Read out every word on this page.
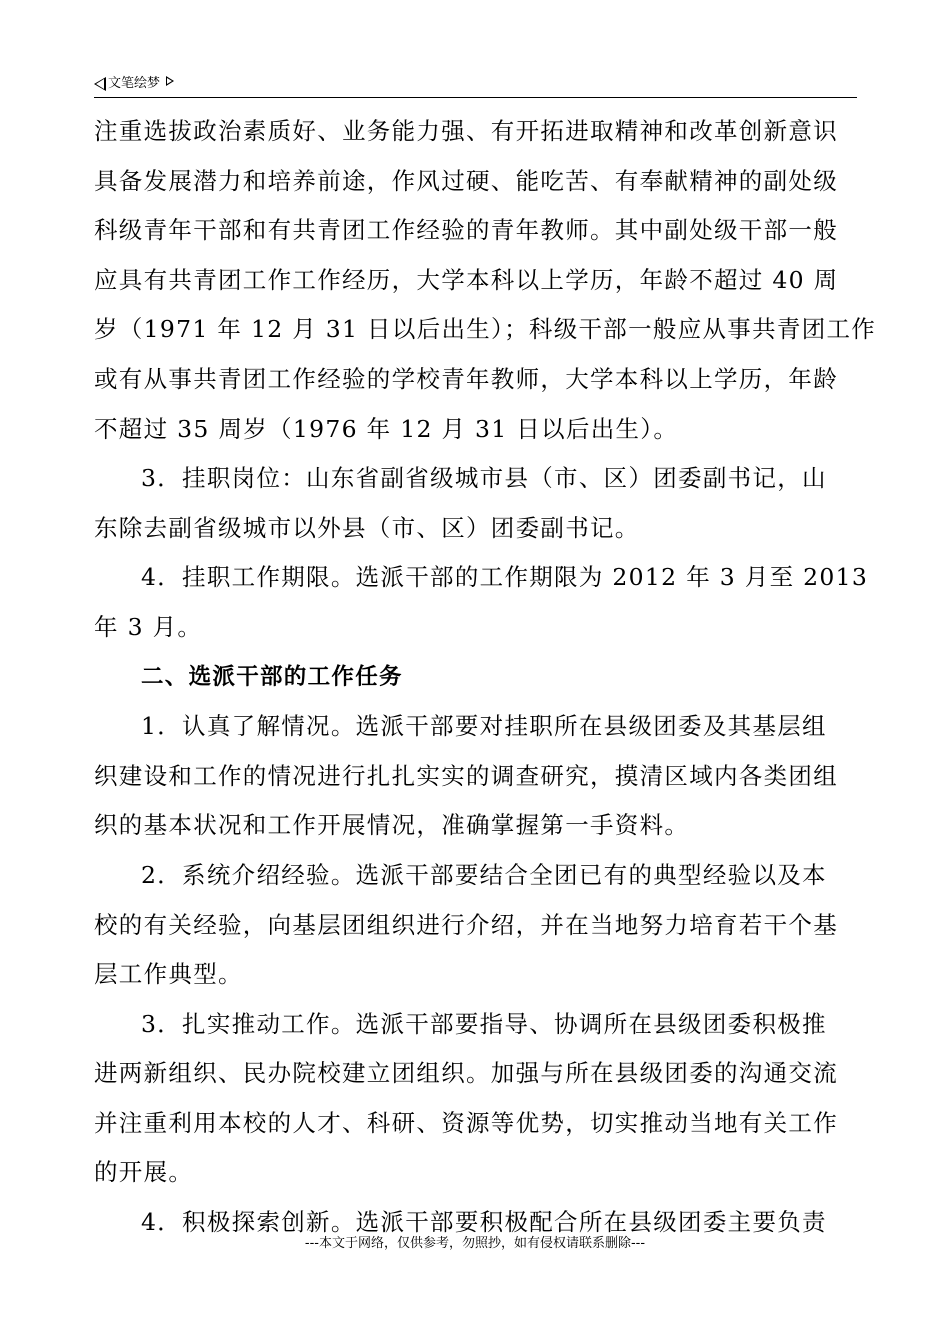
文笔绘梦
注重选拔政治素质好、业务能力强、有开拓进取精神和改革创新意识
具备发展潜力和培养前途，作风过硬、能吃苦、有奉献精神的副处级
科级青年干部和有共青团工作经验的青年教师。其中副处级干部一般
应具有共青团工作工作经历，大学本科以上学历，年龄不超过 40 周
岁（1971 年 12 月 31 日以后出生）；科级干部一般应从事共青团工作
或有从事共青团工作经验的学校青年教师，大学本科以上学历，年龄
不超过 35 周岁（1976 年 12 月 31 日以后出生）。
3．挂职岗位：山东省副省级城市县（市、区）团委副书记，山
东除去副省级城市以外县（市、区）团委副书记。
4．挂职工作期限。选派干部的工作期限为 2012 年 3 月至 2013
年 3 月。
二、选派干部的工作任务
1．认真了解情况。选派干部要对挂职所在县级团委及其基层组
织建设和工作的情况进行扎扎实实的调查研究，摸清区域内各类团组
织的基本状况和工作开展情况，准确掌握第一手资料。
2．系统介绍经验。选派干部要结合全团已有的典型经验以及本
校的有关经验，向基层团组织进行介绍，并在当地努力培育若干个基
层工作典型。
3．扎实推动工作。选派干部要指导、协调所在县级团委积极推
进两新组织、民办院校建立团组织。加强与所在县级团委的沟通交流
并注重利用本校的人才、科研、资源等优势，切实推动当地有关工作
的开展。
4．积极探索创新。选派干部要积极配合所在县级团委主要负责
---本文于网络，仅供参考，勿照抄，如有侵权请联系删除---
